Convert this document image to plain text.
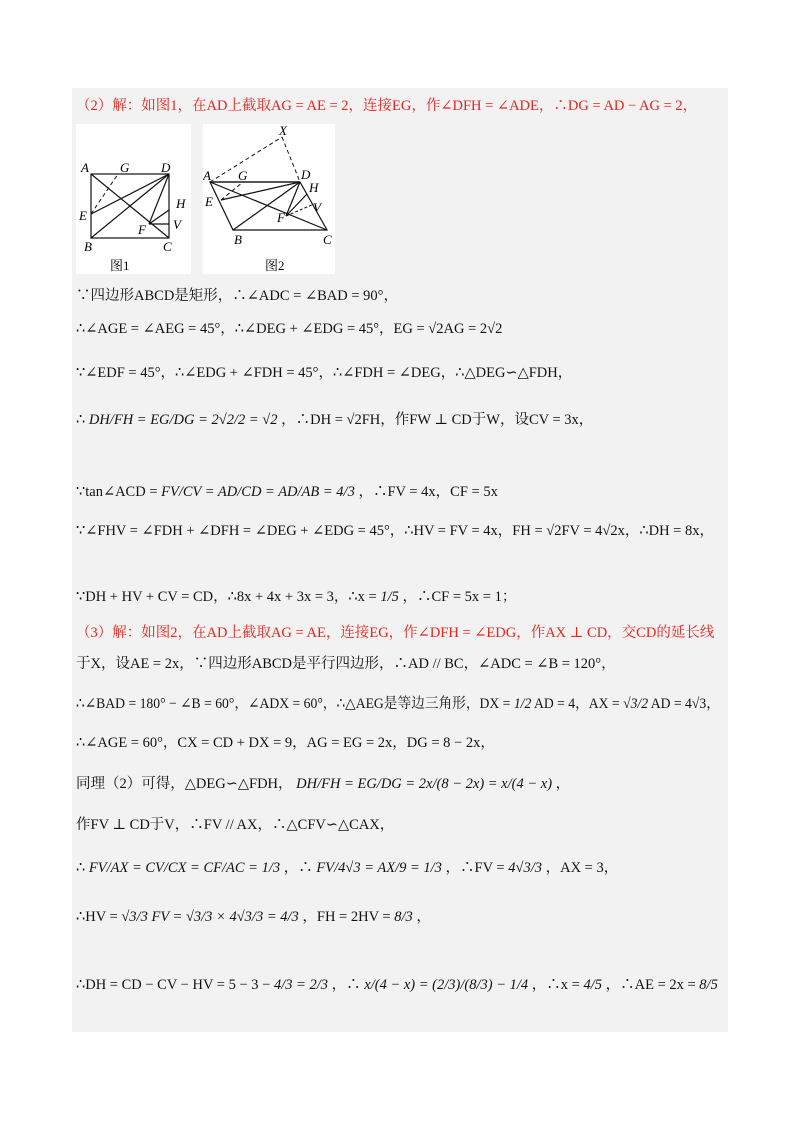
（2）解：如图1，在AD上截取AG = AE = 2，连接EG，作∠DFH = ∠ADE，∴DG = AD − AG = 2，
A G D
H
E
V
F
B	C
图1
X
A G	D
H
E	V
F
B	C
图2
∵四边形ABCD是矩形，∴∠ADC = ∠BAD = 90°，
∴∠AGE = ∠AEG = 45°，∴∠DEG + ∠EDG = 45°，EG = √2AG = 2√2
∵∠EDF = 45°，∴∠EDG + ∠FDH = 45°，∴∠FDH = ∠DEG，∴△DEG∽△FDH，
∴ DH/FH = EG/DG = 2√2/2 = √2 ，∴DH = √2FH，作FW ⊥ CD于W，设CV = 3x，
∵tan∠ACD = FV/CV = AD/CD = AD/AB = 4/3 ，∴FV = 4x，CF = 5x
∵∠FHV = ∠FDH + ∠DFH = ∠DEG + ∠EDG = 45°，∴HV = FV = 4x，FH = √2FV = 4√2x，∴DH = 8x，
∵DH + HV + CV = CD，∴8x + 4x + 3x = 3，∴x = 1/5 ，∴CF = 5x = 1；
（3）解：如图2，在AD上截取AG = AE，连接EG，作∠DFH = ∠EDG，作AX ⊥ CD，交CD的延长线
于X，设AE = 2x，∵四边形ABCD是平行四边形，∴AD // BC，∠ADC = ∠B = 120°，
∴∠BAD = 180° − ∠B = 60°，∠ADX = 60°，∴△AEG是等边三角形，DX = 1/2 AD = 4，AX = √3/2 AD = 4√3，
∴∠AGE = 60°，CX = CD + DX = 9，AG = EG = 2x，DG = 8 − 2x，
同理（2）可得，△DEG∽△FDH， DH/FH = EG/DG = 2x/(8 − 2x) = x/(4 − x) ，
作FV ⊥ CD于V，∴FV // AX，∴△CFV∽△CAX，
∴ FV/AX = CV/CX = CF/AC = 1/3 ，∴ FV/4√3 = AX/9 = 1/3 ，∴FV = 4√3/3 ，AX = 3，
∴HV = √3/3 FV = √3/3 × 4√3/3 = 4/3 ，FH = 2HV = 8/3 ，
∴DH = CD − CV − HV = 5 − 3 − 4/3 = 2/3 ，∴ x/(4 − x) = (2/3)/(8/3) − 1/4 ，∴x = 4/5 ，∴AE = 2x = 8/5
